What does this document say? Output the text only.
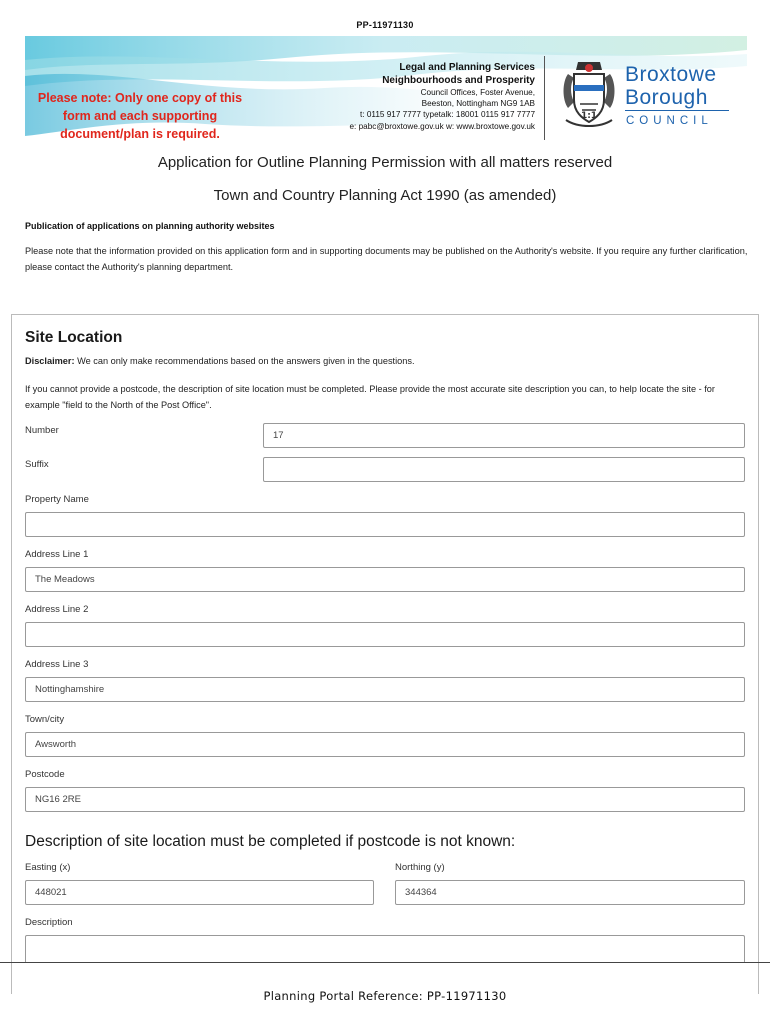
PP-11971130
Please note: Only one copy of this form and each supporting document/plan is required.
Legal and Planning Services
Neighbourhoods and Prosperity
Council Offices, Foster Avenue,
Beeston, Nottingham NG9 1AB
t: 0115 917 7777 typetalk: 18001 0115 917 7777
e: pabc@broxtowe.gov.uk w: www.broxtowe.gov.uk
1:1
Broxtowe
Borough
COUNCIL
Application for Outline Planning Permission with all matters reserved
Town and Country Planning Act 1990 (as amended)
Publication of applications on planning authority websites
Please note that the information provided on this application form and in supporting documents may be published on the Authority's website. If you require any further clarification, please contact the Authority's planning department.
Site Location
Disclaimer: We can only make recommendations based on the answers given in the questions.
If you cannot provide a postcode, the description of site location must be completed. Please provide the most accurate site description you can, to help locate the site - for example "field to the North of the Post Office".
Number	17
Suffix
Property Name
Address Line 1
The Meadows
Address Line 2
Address Line 3
Nottinghamshire
Town/city
Awsworth
Postcode
NG16 2RE
Description of site location must be completed if postcode is not known:
Easting (x)
448021
Northing (y)
344364
Description
Planning Portal Reference: PP-11971130
